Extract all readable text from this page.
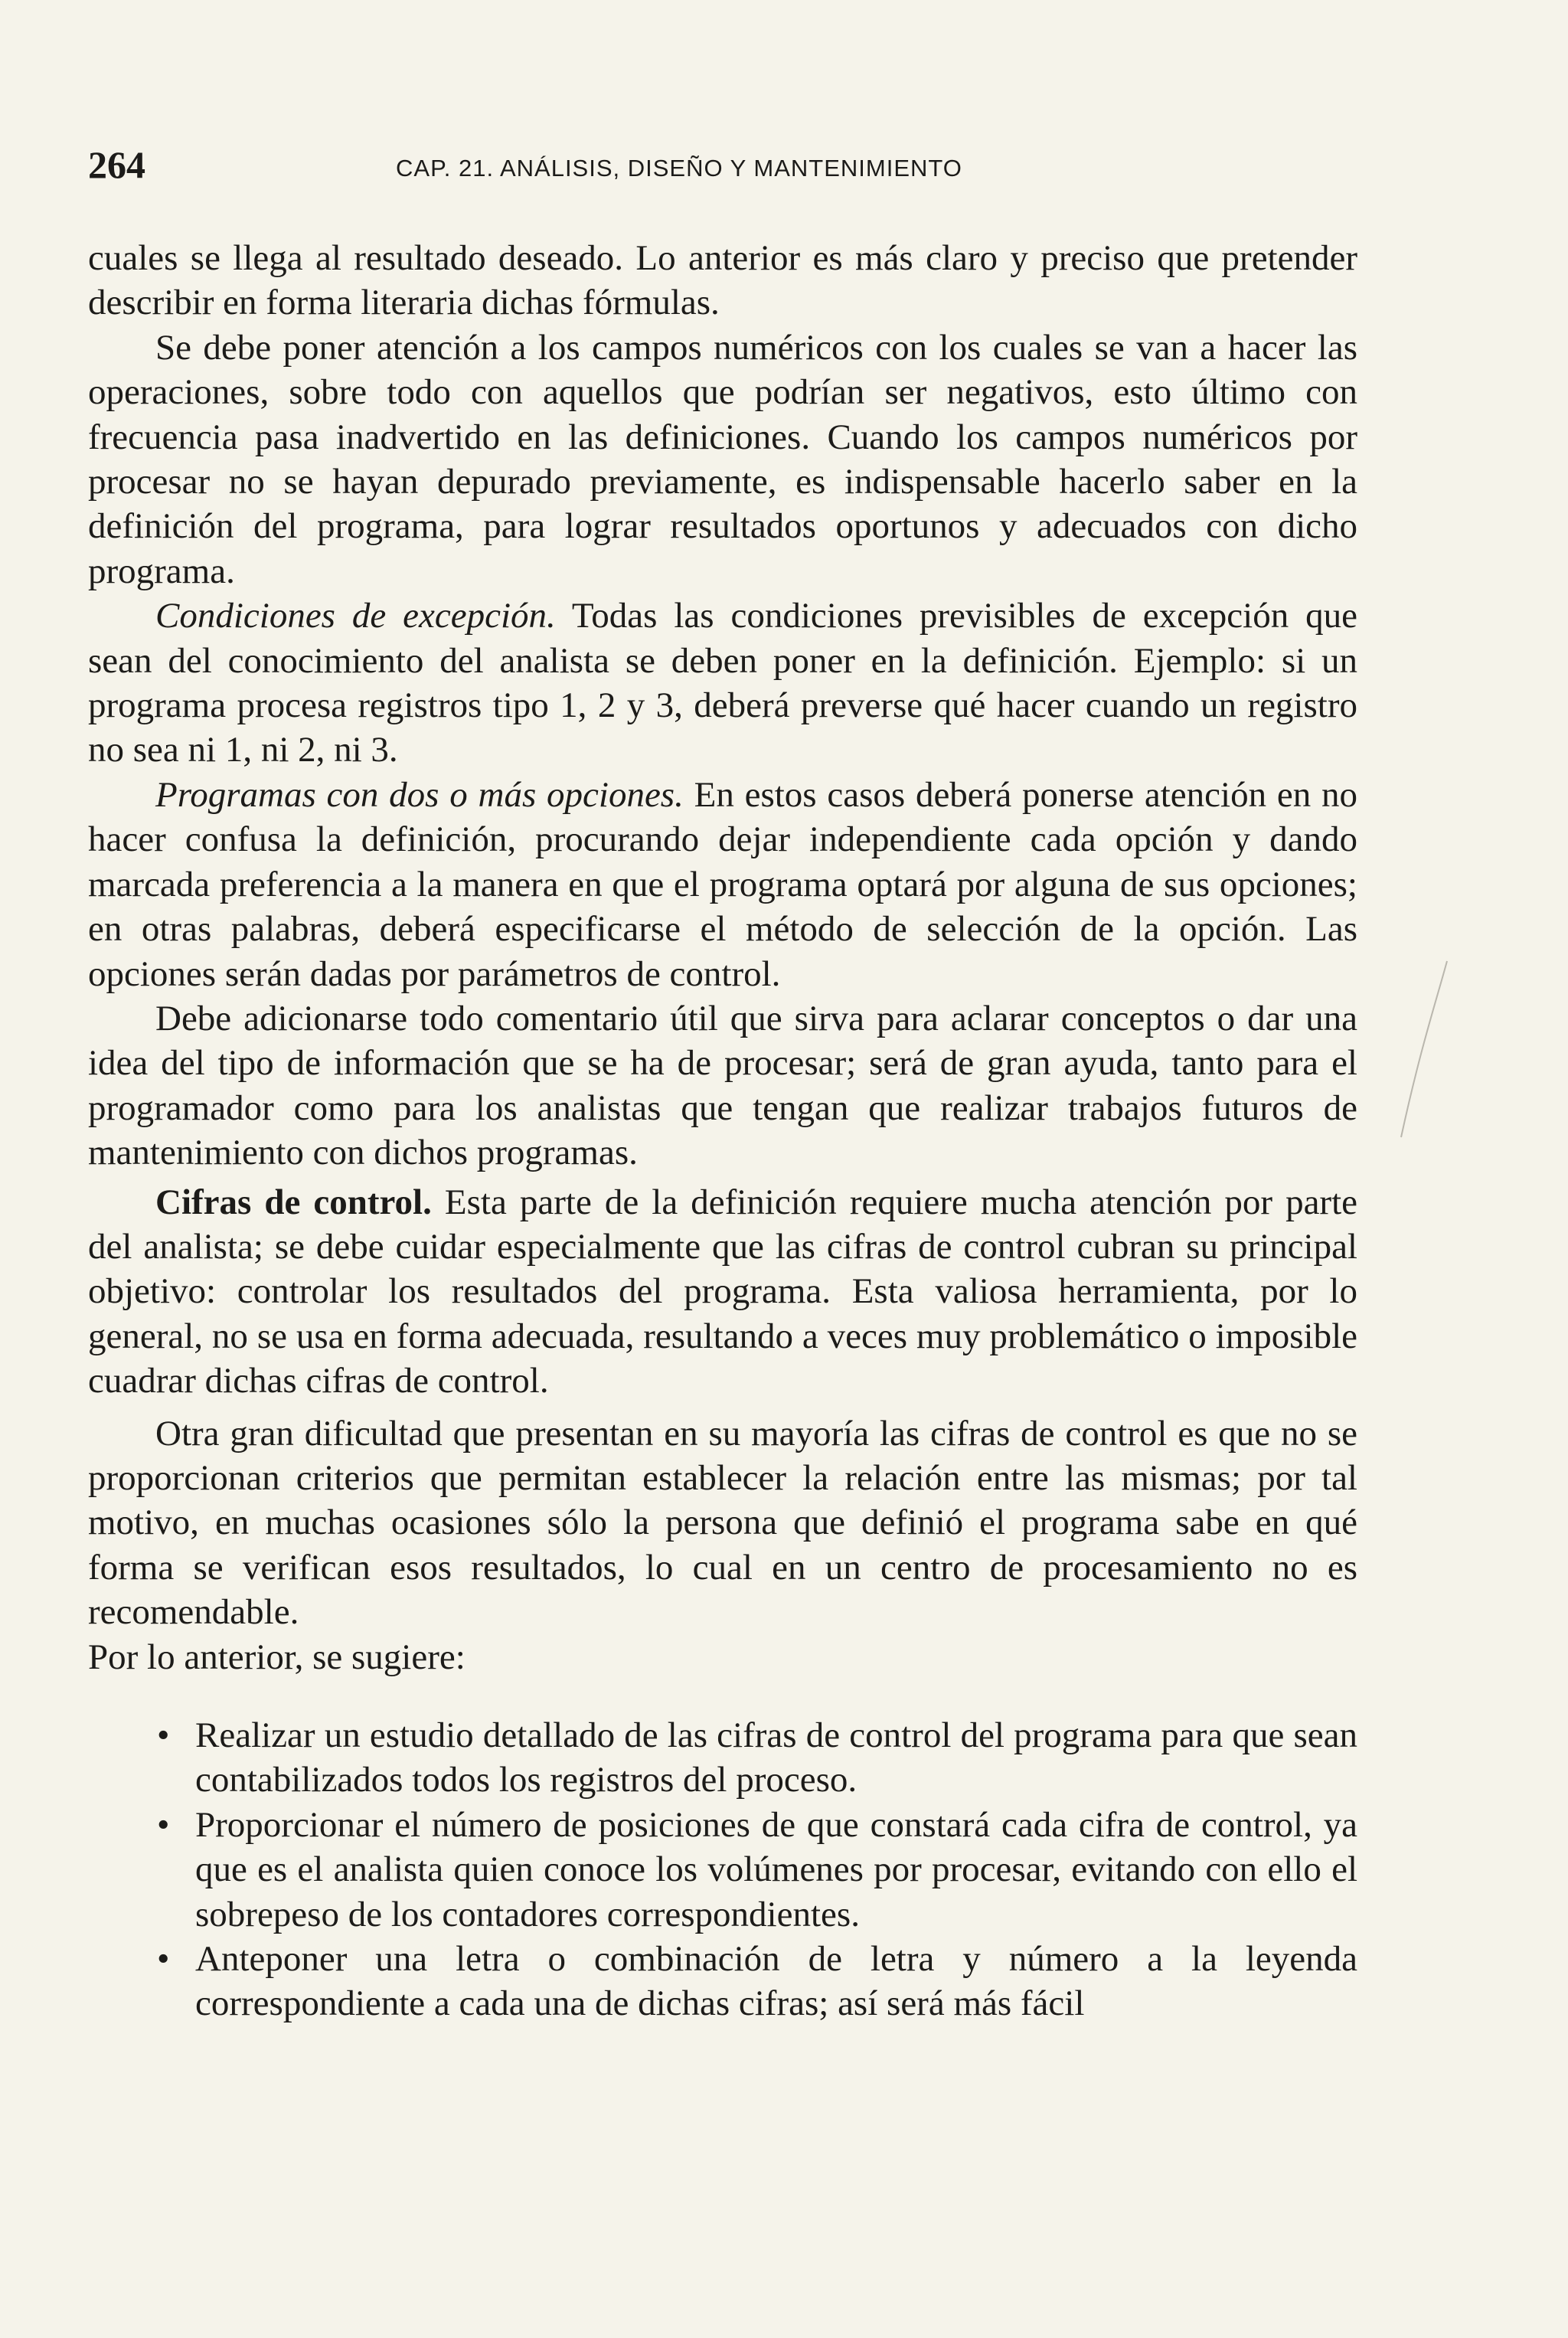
264	CAP. 21. ANÁLISIS, DISEÑO Y MANTENIMIENTO

cuales se llega al resultado deseado. Lo anterior es más claro y preciso que pretender describir en forma literaria dichas fórmulas.

Se debe poner atención a los campos numéricos con los cuales se van a hacer las operaciones, sobre todo con aquellos que podrían ser negativos, esto último con frecuencia pasa inadvertido en las definiciones. Cuando los campos numéricos por procesar no se hayan depurado previamente, es indispensable hacerlo saber en la definición del programa, para lograr resultados oportunos y adecuados con dicho programa.

Condiciones de excepción. Todas las condiciones previsibles de excepción que sean del conocimiento del analista se deben poner en la definición. Ejemplo: si un programa procesa registros tipo 1, 2 y 3, deberá preverse qué hacer cuando un registro no sea ni 1, ni 2, ni 3.

Programas con dos o más opciones. En estos casos deberá ponerse atención en no hacer confusa la definición, procurando dejar independiente cada opción y dando marcada preferencia a la manera en que el programa optará por alguna de sus opciones; en otras palabras, deberá especificarse el método de selección de la opción. Las opciones serán dadas por parámetros de control.

Debe adicionarse todo comentario útil que sirva para aclarar conceptos o dar una idea del tipo de información que se ha de procesar; será de gran ayuda, tanto para el programador como para los analistas que tengan que realizar trabajos futuros de mantenimiento con dichos programas.

Cifras de control. Esta parte de la definición requiere mucha atención por parte del analista; se debe cuidar especialmente que las cifras de control cubran su principal objetivo: controlar los resultados del programa. Esta valiosa herramienta, por lo general, no se usa en forma adecuada, resultando a veces muy problemático o imposible cuadrar dichas cifras de control.

Otra gran dificultad que presentan en su mayoría las cifras de control es que no se proporcionan criterios que permitan establecer la relación entre las mismas; por tal motivo, en muchas ocasiones sólo la persona que definió el programa sabe en qué forma se verifican esos resultados, lo cual en un centro de procesamiento no es recomendable.

Por lo anterior, se sugiere:

• Realizar un estudio detallado de las cifras de control del programa para que sean contabilizados todos los registros del proceso.
• Proporcionar el número de posiciones de que constará cada cifra de control, ya que es el analista quien conoce los volúmenes por procesar, evitando con ello el sobrepeso de los contadores correspondientes.
• Anteponer una letra o combinación de letra y número a la leyenda correspondiente a cada una de dichas cifras; así será más fácil
